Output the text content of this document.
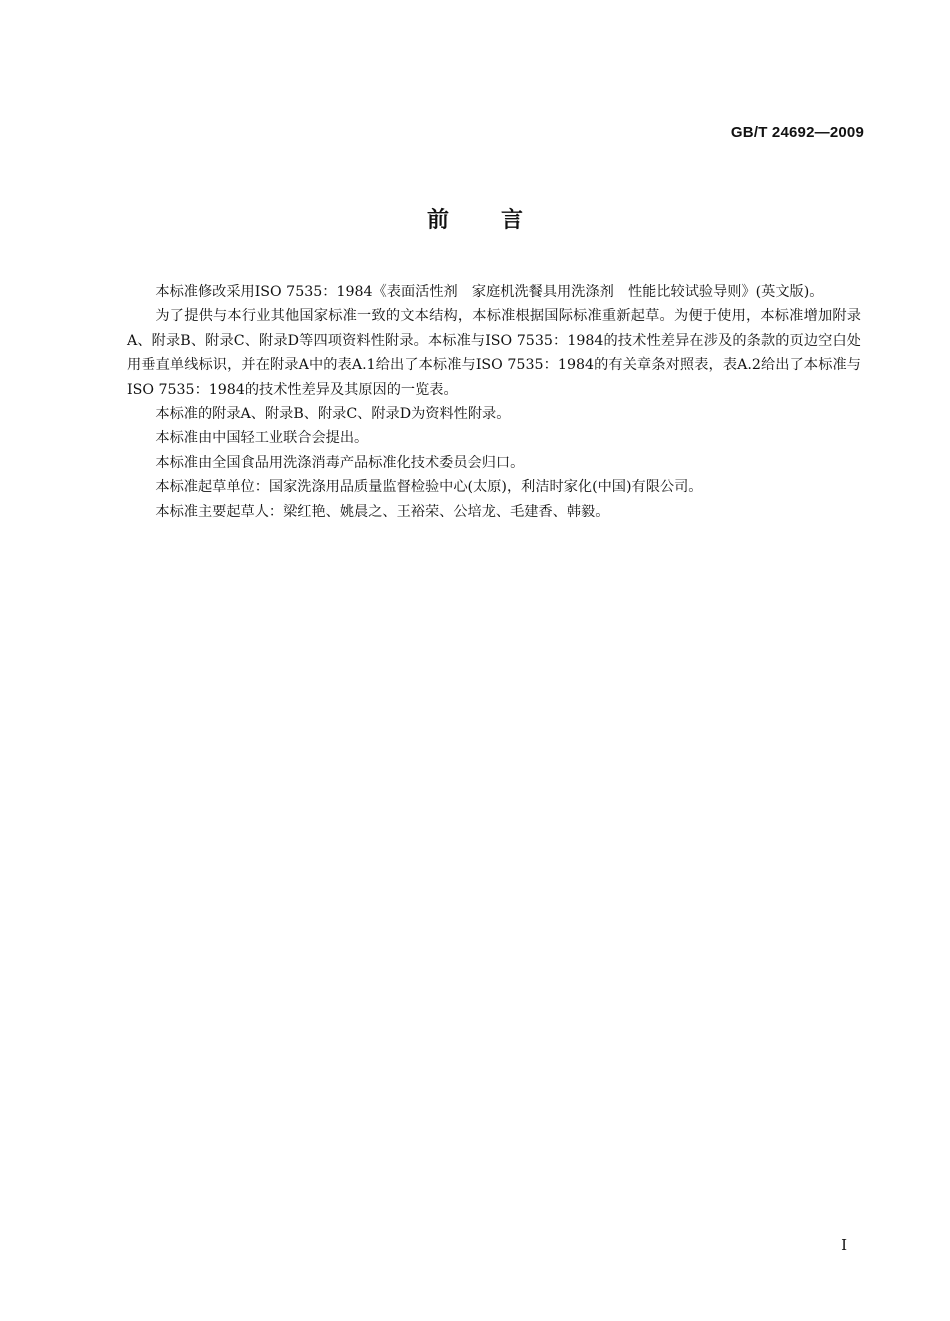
GB/T 24692—2009
前言

本标准修改采用ISO 7535：1984《表面活性剂　家庭机洗餐具用洗涤剂　性能比较试验导则》(英文版)。

为了提供与本行业其他国家标准一致的文本结构，本标准根据国际标准重新起草。为便于使用，本标准增加附录A、附录B、附录C、附录D等四项资料性附录。本标准与ISO 7535：1984的技术性差异在涉及的条款的页边空白处用垂直单线标识，并在附录A中的表A.1给出了本标准与ISO 7535：1984的有关章条对照表，表A.2给出了本标准与ISO 7535：1984的技术性差异及其原因的一览表。

本标准的附录A、附录B、附录C、附录D为资料性附录。

本标准由中国轻工业联合会提出。

本标准由全国食品用洗涤消毒产品标准化技术委员会归口。

本标准起草单位：国家洗涤用品质量监督检验中心(太原)，利洁时家化(中国)有限公司。

本标准主要起草人：梁红艳、姚晨之、王裕荣、公培龙、毛建香、韩毅。

I
